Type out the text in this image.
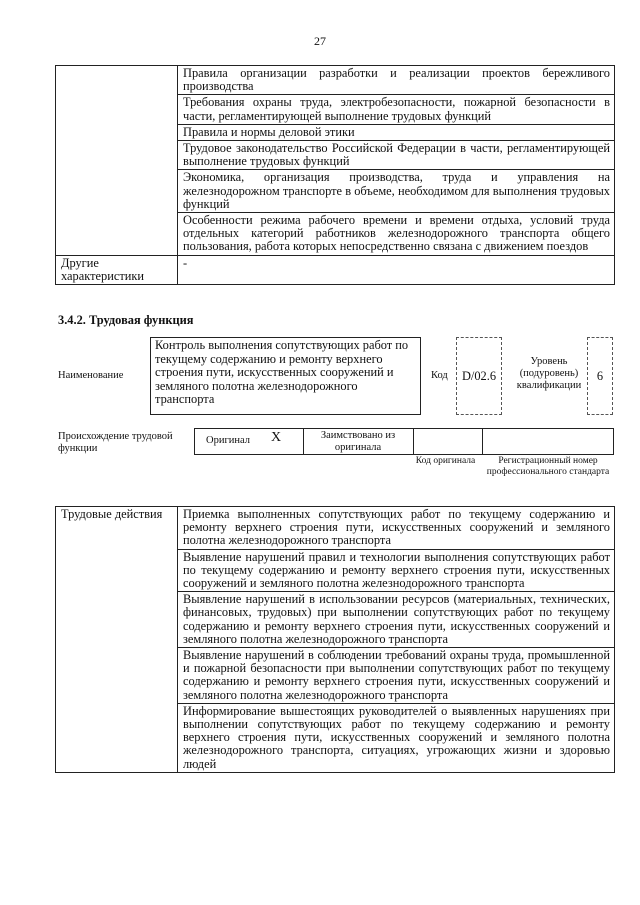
27
	Правила организации разработки и реализации проектов бережливого производства
	Требования охраны труда, электробезопасности, пожарной безопасности в части, регламентирующей выполнение трудовых функций
	Правила и нормы деловой этики
	Трудовое законодательство Российской Федерации в части, регламентирующей выполнение трудовых функций
	Экономика, организация производства, труда и управления на железнодорожном транспорте в объеме, необходимом для выполнения трудовых функций
	Особенности режима рабочего времени и времени отдыха, условий труда отдельных категорий работников железнодорожного транспорта общего пользования, работа которых непосредственно связана с движением поездов
Другие характеристики	-
3.4.2. Трудовая функция
Наименование
Контроль выполнения сопутствующих работ по текущему содержанию и ремонту верхнего строения пути, искусственных сооружений и земляного полотна железнодорожного транспорта
Код	D/02.6
Уровень (подуровень) квалификации
6
Происхождение трудовой функции
Оригинал X	Заимствовано из оригинала
Код оригинала	Регистрационный номер профессионального стандарта
Трудовые действия	Приемка выполненных сопутствующих работ по текущему содержанию и ремонту верхнего строения пути, искусственных сооружений и земляного полотна железнодорожного транспорта
Выявление нарушений правил и технологии выполнения сопутствующих работ по текущему содержанию и ремонту верхнего строения пути, искусственных сооружений и земляного полотна железнодорожного транспорта
Выявление нарушений в использовании ресурсов (материальных, технических, финансовых, трудовых) при выполнении сопутствующих работ по текущему содержанию и ремонту верхнего строения пути, искусственных сооружений и земляного полотна железнодорожного транспорта
Выявление нарушений в соблюдении требований охраны труда, промышленной и пожарной безопасности при выполнении сопутствующих работ по текущему содержанию и ремонту верхнего строения пути, искусственных сооружений и земляного полотна железнодорожного транспорта
Информирование вышестоящих руководителей о выявленных нарушениях при выполнении сопутствующих работ по текущему содержанию и ремонту верхнего строения пути, искусственных сооружений и земляного полотна железнодорожного транспорта, ситуациях, угрожающих жизни и здоровью людей
